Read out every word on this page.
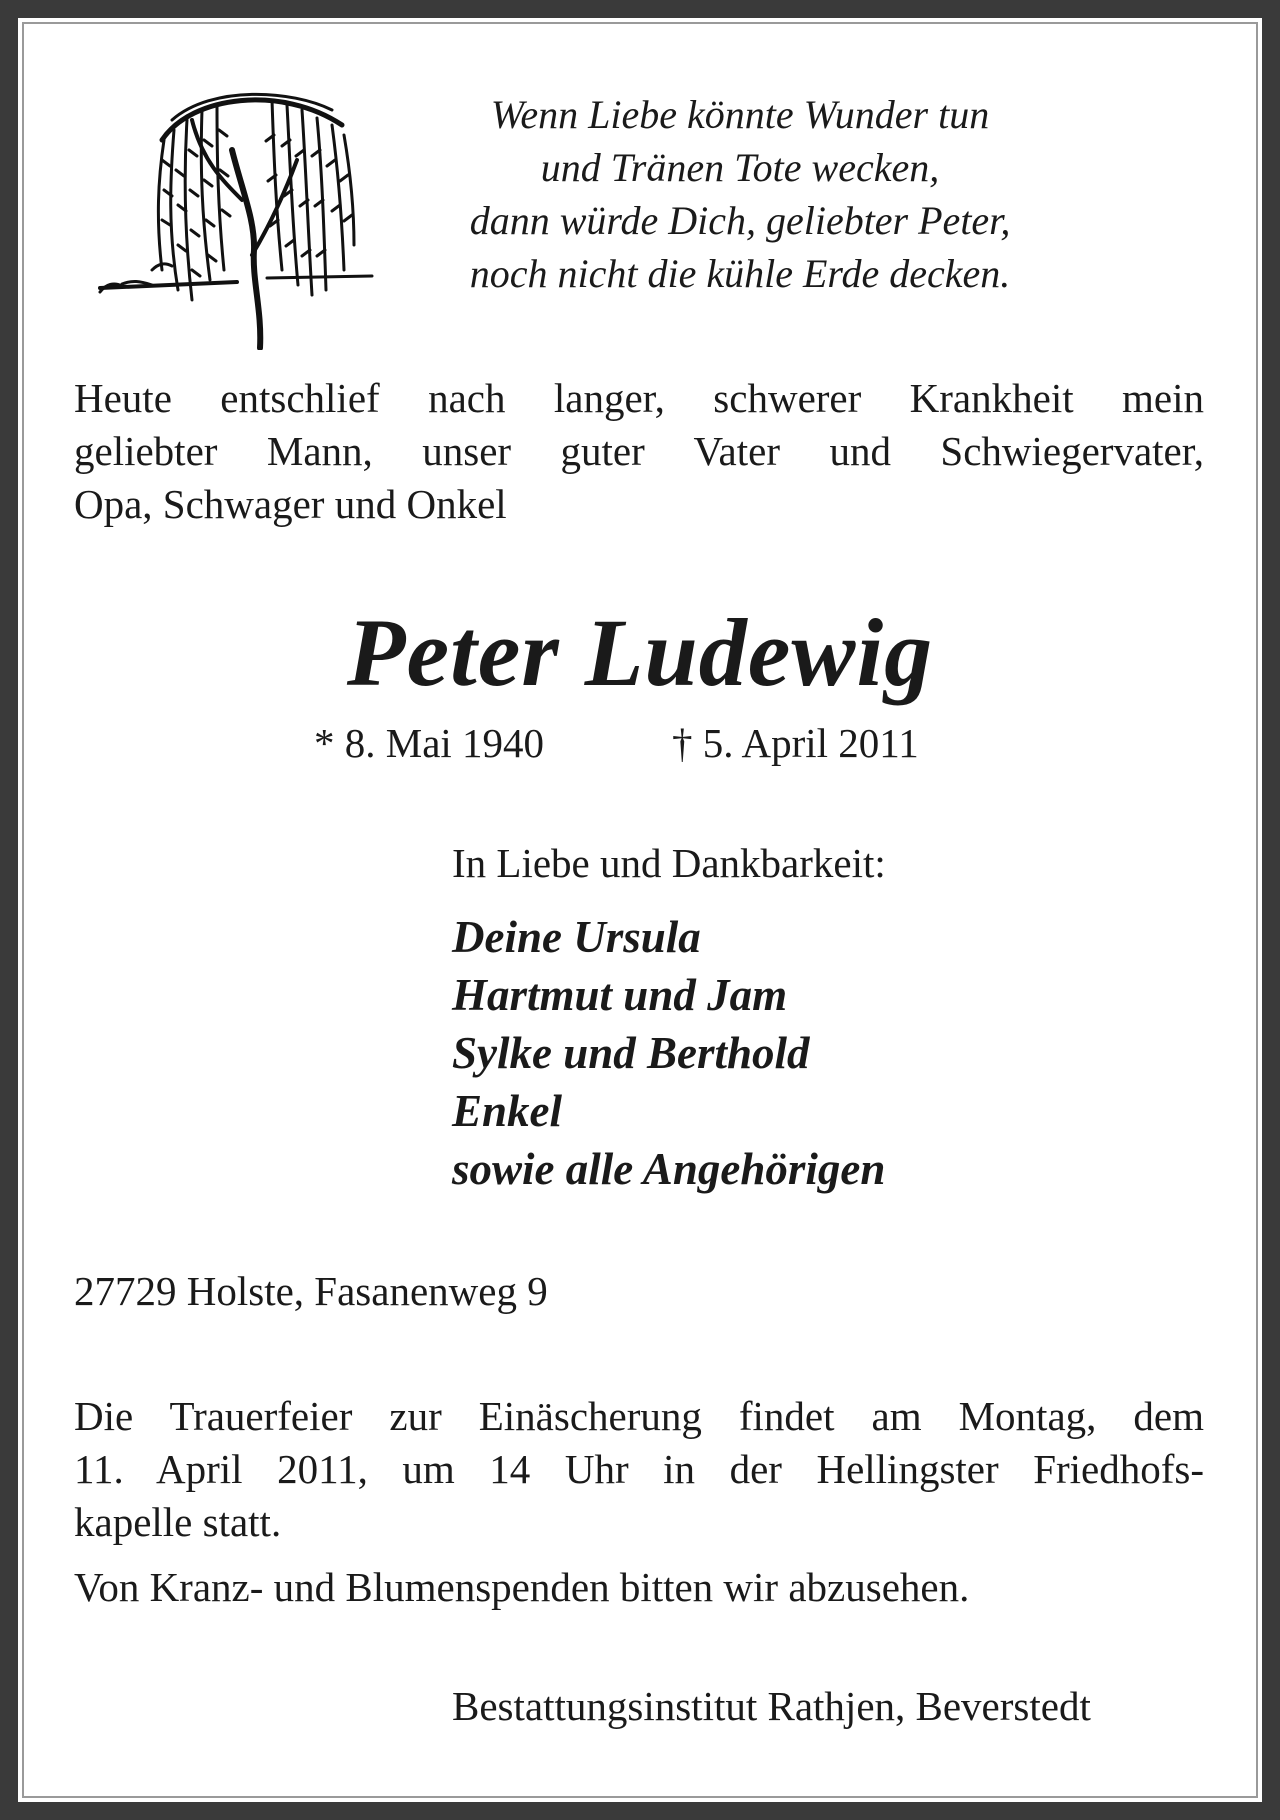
Wenn Liebe könnte Wunder tun
und Tränen Tote wecken,
dann würde Dich, geliebter Peter,
noch nicht die kühle Erde decken.
Heute entschlief nach langer, schwerer Krankheit mein
geliebter Mann, unser guter Vater und Schwiegervater,
Opa, Schwager und Onkel
Peter Ludewig
* 8. Mai 1940	† 5. April 2011
In Liebe und Dankbarkeit:
Deine Ursula
Hartmut und Jam
Sylke und Berthold
Enkel
sowie alle Angehörigen
27729 Holste, Fasanenweg 9
Die Trauerfeier zur Einäscherung findet am Montag, dem
11. April 2011, um 14 Uhr in der Hellingster Friedhofs-
kapelle statt.
Von Kranz- und Blumenspenden bitten wir abzusehen.
Bestattungsinstitut Rathjen, Beverstedt
